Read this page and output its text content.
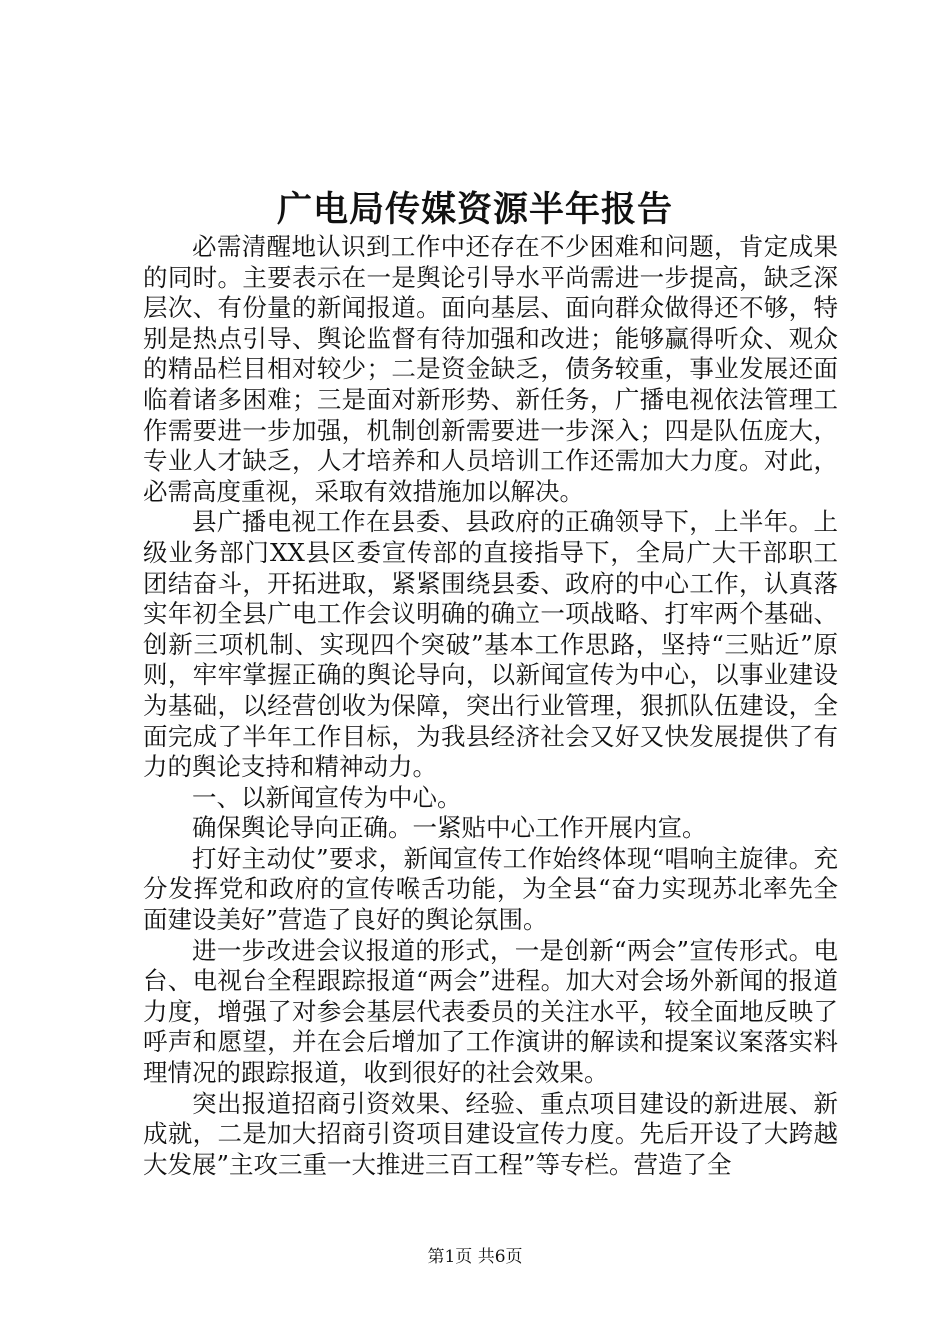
广电局传媒资源半年报告

必需清醒地认识到工作中还存在不少困难和问题，肯定成果的同时。主要表示在一是舆论引导水平尚需进一步提高，缺乏深层次、有份量的新闻报道。面向基层、面向群众做得还不够，特别是热点引导、舆论监督有待加强和改进；能够赢得听众、观众的精品栏目相对较少；二是资金缺乏，债务较重，事业发展还面临着诸多困难；三是面对新形势、新任务，广播电视依法管理工作需要进一步加强，机制创新需要进一步深入；四是队伍庞大，专业人才缺乏，人才培养和人员培训工作还需加大力度。对此，必需高度重视，采取有效措施加以解决。

县广播电视工作在县委、县政府的正确领导下，上半年。上级业务部门XX县区委宣传部的直接指导下，全局广大干部职工团结奋斗，开拓进取，紧紧围绕县委、政府的中心工作，认真落实年初全县广电工作会议明确的确立一项战略、打牢两个基础、创新三项机制、实现四个突破”基本工作思路，坚持“三贴近”原则，牢牢掌握正确的舆论导向，以新闻宣传为中心，以事业建设为基础，以经营创收为保障，突出行业管理，狠抓队伍建设，全面完成了半年工作目标，为我县经济社会又好又快发展提供了有力的舆论支持和精神动力。

一、以新闻宣传为中心。

确保舆论导向正确。一紧贴中心工作开展内宣。

打好主动仗”要求，新闻宣传工作始终体现“唱响主旋律。充分发挥党和政府的宣传喉舌功能，为全县“奋力实现苏北率先全面建设美好”营造了良好的舆论氛围。

进一步改进会议报道的形式，一是创新“两会”宣传形式。电台、电视台全程跟踪报道“两会”进程。加大对会场外新闻的报道力度，增强了对参会基层代表委员的关注水平，较全面地反映了呼声和愿望，并在会后增加了工作演讲的解读和提案议案落实料理情况的跟踪报道，收到很好的社会效果。

突出报道招商引资效果、经验、重点项目建设的新进展、新成就，二是加大招商引资项目建设宣传力度。先后开设了大跨越大发展”主攻三重一大推进三百工程”等专栏。营造了全

第1页 共6页
